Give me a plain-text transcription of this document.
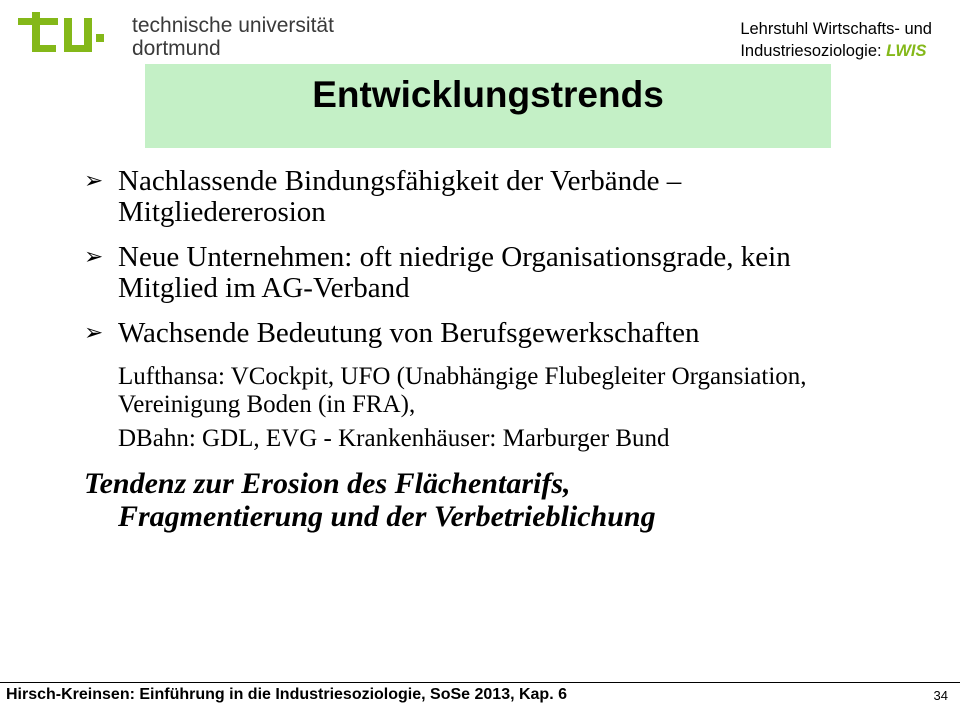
technische universität
dortmund
Lehrstuhl Wirtschafts- und
Industriesoziologie: LWIS
Entwicklungstrends
➢ Nachlassende Bindungsfähigkeit der Verbände – Mitgliedererosion
➢ Neue Unternehmen: oft niedrige Organisationsgrade, kein Mitglied im AG-Verband
➢ Wachsende Bedeutung von Berufsgewerkschaften
Lufthansa: VCockpit, UFO (Unabhängige Flubegleiter Organsiation, Vereinigung Boden (in FRA),
DBahn: GDL, EVG - Krankenhäuser: Marburger Bund
Tendenz zur Erosion des Flächentarifs,
Fragmentierung und der Verbetrieblichung
Hirsch-Kreinsen: Einführung in die Industriesoziologie, SoSe 2013, Kap. 6	34
